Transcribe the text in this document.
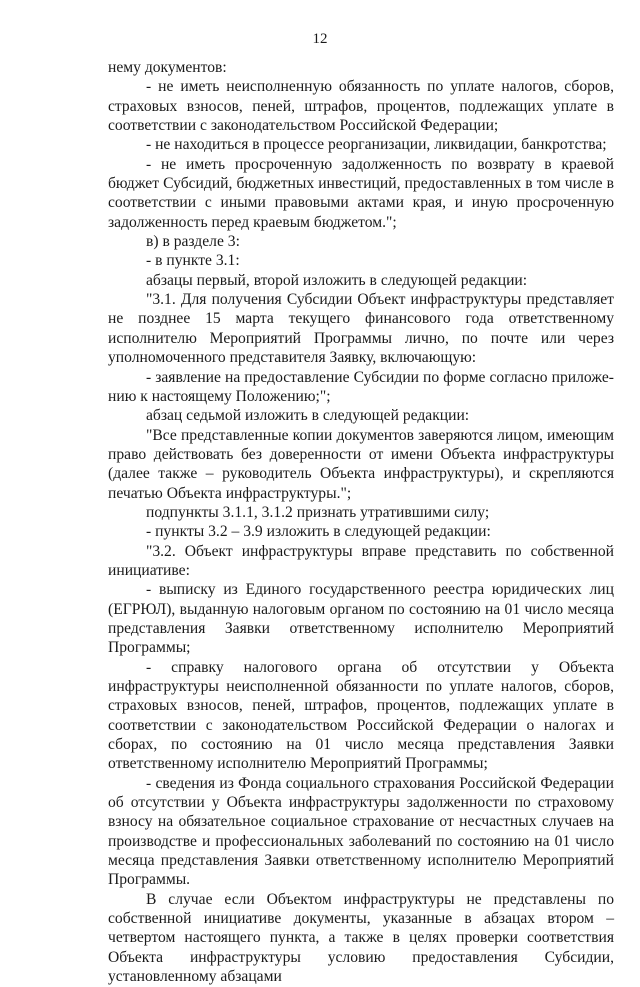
12

нему документов:

- не иметь неисполненную обязанность по уплате налогов, сборов, страховых взносов, пеней, штрафов, процентов, подлежащих уплате в соответствии с законодательством Российской Федерации;

- не находиться в процессе реорганизации, ликвидации, банкротства;

- не иметь просроченную задолженность по возврату в краевой бюджет Субсидий, бюджетных инвестиций, предоставленных в том числе в соответствии с иными правовыми актами края, и иную просроченную задолженность перед краевым бюджетом.";

в) в разделе 3:

- в пункте 3.1:

абзацы первый, второй изложить в следующей редакции:

"3.1. Для получения Субсидии Объект инфраструктуры представляет не позднее 15 марта текущего финансового года ответственному исполнителю Мероприятий Программы лично, по почте или через уполномоченного представителя Заявку, включающую:

- заявление на предоставление Субсидии по форме согласно приложению к настоящему Положению;";

абзац седьмой изложить в следующей редакции:

"Все представленные копии документов заверяются лицом, имеющим право действовать без доверенности от имени Объекта инфраструктуры (далее также – руководитель Объекта инфраструктуры), и скрепляются печатью Объекта инфраструктуры.";

подпункты 3.1.1, 3.1.2 признать утратившими силу;

- пункты 3.2 – 3.9 изложить в следующей редакции:

"3.2. Объект инфраструктуры вправе представить по собственной инициативе:

- выписку из Единого государственного реестра юридических лиц (ЕГРЮЛ), выданную налоговым органом по состоянию на 01 число месяца представления Заявки ответственному исполнителю Мероприятий Программы;

- справку налогового органа об отсутствии у Объекта инфраструктуры неисполненной обязанности по уплате налогов, сборов, страховых взносов, пеней, штрафов, процентов, подлежащих уплате в соответствии с законодательством Российской Федерации о налогах и сборах, по состоянию на 01 число месяца представления Заявки ответственному исполнителю Мероприятий Программы;

- сведения из Фонда социального страхования Российской Федерации об отсутствии у Объекта инфраструктуры задолженности по страховому взносу на обязательное социальное страхование от несчастных случаев на производстве и профессиональных заболеваний по состоянию на 01 число месяца представления Заявки ответственному исполнителю Мероприятий Программы.

В случае если Объектом инфраструктуры не представлены по собственной инициативе документы, указанные в абзацах втором – четвертом настоящего пункта, а также в целях проверки соответствия Объекта инфраструктуры условию предоставления Субсидии, установленному абзацами
